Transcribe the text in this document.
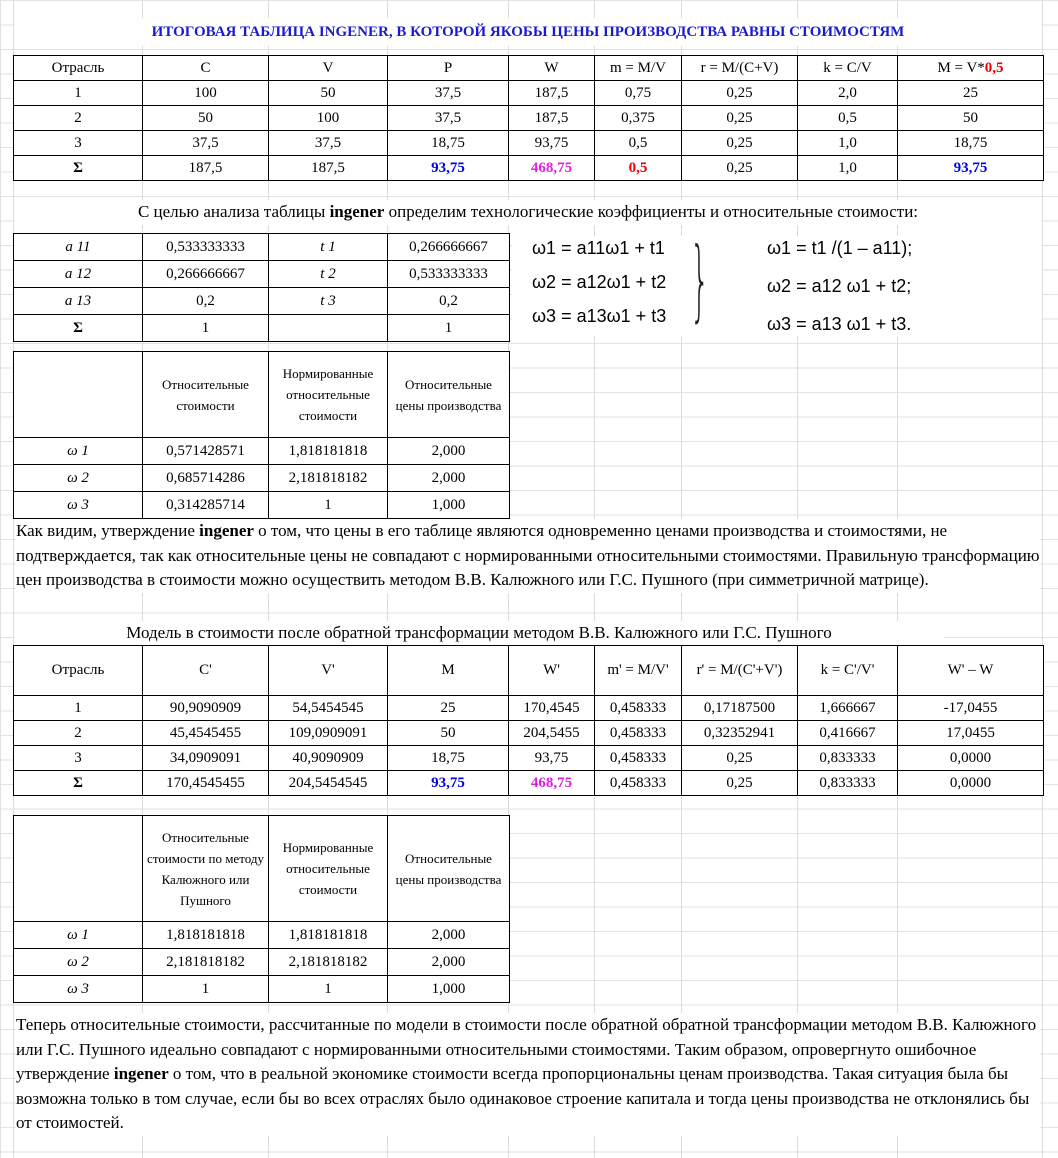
ИТОГОВАЯ ТАБЛИЦА INGENER, В КОТОРОЙ ЯКОБЫ ЦЕНЫ ПРОИЗВОДСТВА РАВНЫ СТОИМОСТЯМ
Отрасль	C	V	P	W	m = M/V	r = M/(C+V)	k = C/V	M = V*0,5
1	100	50	37,5	187,5	0,75	0,25	2,0	25
2	50	100	37,5	187,5	0,375	0,25	0,5	50
3	37,5	37,5	18,75	93,75	0,5	0,25	1,0	18,75
Σ	187,5	187,5	93,75	468,75	0,5	0,25	1,0	93,75
С целью анализа таблицы ingener определим технологические коэффициенты и относительные стоимости:
a 11	0,533333333	t 1	0,266666667
a 12	0,266666667	t 2	0,533333333
a 13	0,2	t 3	0,2
Σ	1		1
ω1 = a11ω1 + t1
ω2 = a12ω1 + t2
ω3 = a13ω1 + t3 }	ω1 = t1 /(1 – a11);
ω2 = a12 ω1 + t2;
ω3 = a13 ω1 + t3.
	Относительные стоимости	Нормированные относительные стоимости	Относительные цены производства
ω 1	0,571428571	1,818181818	2,000
ω 2	0,685714286	2,181818182	2,000
ω 3	0,314285714	1	1,000
Как видим, утверждение ingener о том, что цены в его таблице являются одновременно ценами производства и стоимостями, не подтверждается, так как относительные цены не совпадают с нормированными относительными стоимостями. Правильную трансформацию цен производства в стоимости можно осуществить методом В.В. Калюжного или Г.С. Пушного (при симметричной матрице).
Модель в стоимости после обратной трансформации методом В.В. Калюжного или Г.С. Пушного
Отрасль	C'	V'	M	W'	m' = M/V'	r' = M/(C'+V')	k = C'/V'	W' – W
1	90,9090909	54,5454545	25	170,4545	0,458333	0,17187500	1,666667	-17,0455
2	45,4545455	109,0909091	50	204,5455	0,458333	0,32352941	0,416667	17,0455
3	34,0909091	40,9090909	18,75	93,75	0,458333	0,25	0,833333	0,0000
Σ	170,4545455	204,5454545	93,75	468,75	0,458333	0,25	0,833333	0,0000
	Относительные стоимости по методу Калюжного или Пушного	Нормированные относительные стоимости	Относительные цены производства
ω 1	1,818181818	1,818181818	2,000
ω 2	2,181818182	2,181818182	2,000
ω 3	1	1	1,000
Теперь относительные стоимости, рассчитанные по модели в стоимости после обратной обратной трансформации методом В.В. Калюжного или Г.С. Пушного идеально совпадают с нормированными относительными стоимостями. Таким образом, опровергнуто ошибочное утверждение ingener о том, что в реальной экономике стоимости всегда пропорциональны ценам производства. Такая ситуация была бы возможна только в том случае, если бы во всех отраслях было одинаковое строение капитала и тогда цены производства не отклонялись бы от стоимостей.
